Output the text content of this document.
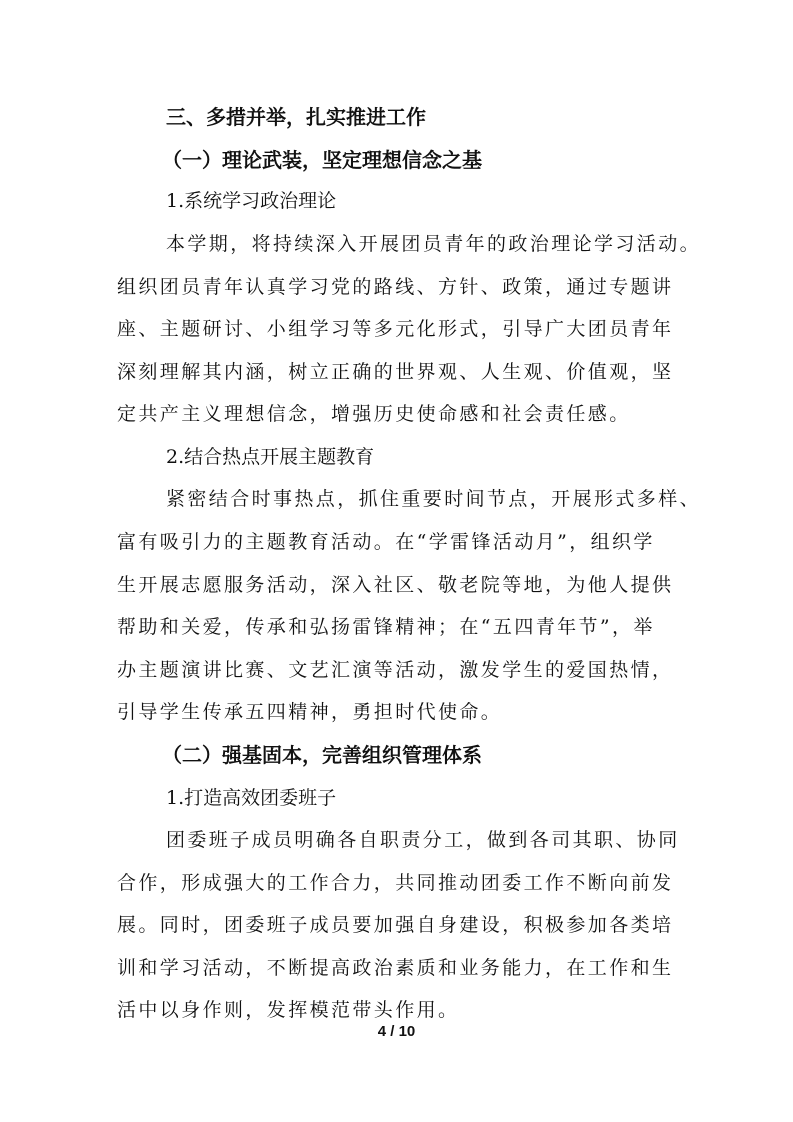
三、多措并举，扎实推进工作
（一）理论武装，坚定理想信念之基
1.系统学习政治理论
本学期，将持续深入开展团员青年的政治理论学习活动。
组织团员青年认真学习党的路线、方针、政策，通过专题讲
座、主题研讨、小组学习等多元化形式，引导广大团员青年
深刻理解其内涵，树立正确的世界观、人生观、价值观，坚
定共产主义理想信念，增强历史使命感和社会责任感。
2.结合热点开展主题教育
紧密结合时事热点，抓住重要时间节点，开展形式多样、
富有吸引力的主题教育活动。在“学雷锋活动月”，组织学
生开展志愿服务活动，深入社区、敬老院等地，为他人提供
帮助和关爱，传承和弘扬雷锋精神；在“五四青年节”，举
办主题演讲比赛、文艺汇演等活动，激发学生的爱国热情，
引导学生传承五四精神，勇担时代使命。
（二）强基固本，完善组织管理体系
1.打造高效团委班子
团委班子成员明确各自职责分工，做到各司其职、协同
合作，形成强大的工作合力，共同推动团委工作不断向前发
展。同时，团委班子成员要加强自身建设，积极参加各类培
训和学习活动，不断提高政治素质和业务能力，在工作和生
活中以身作则，发挥模范带头作用。
4 / 10
